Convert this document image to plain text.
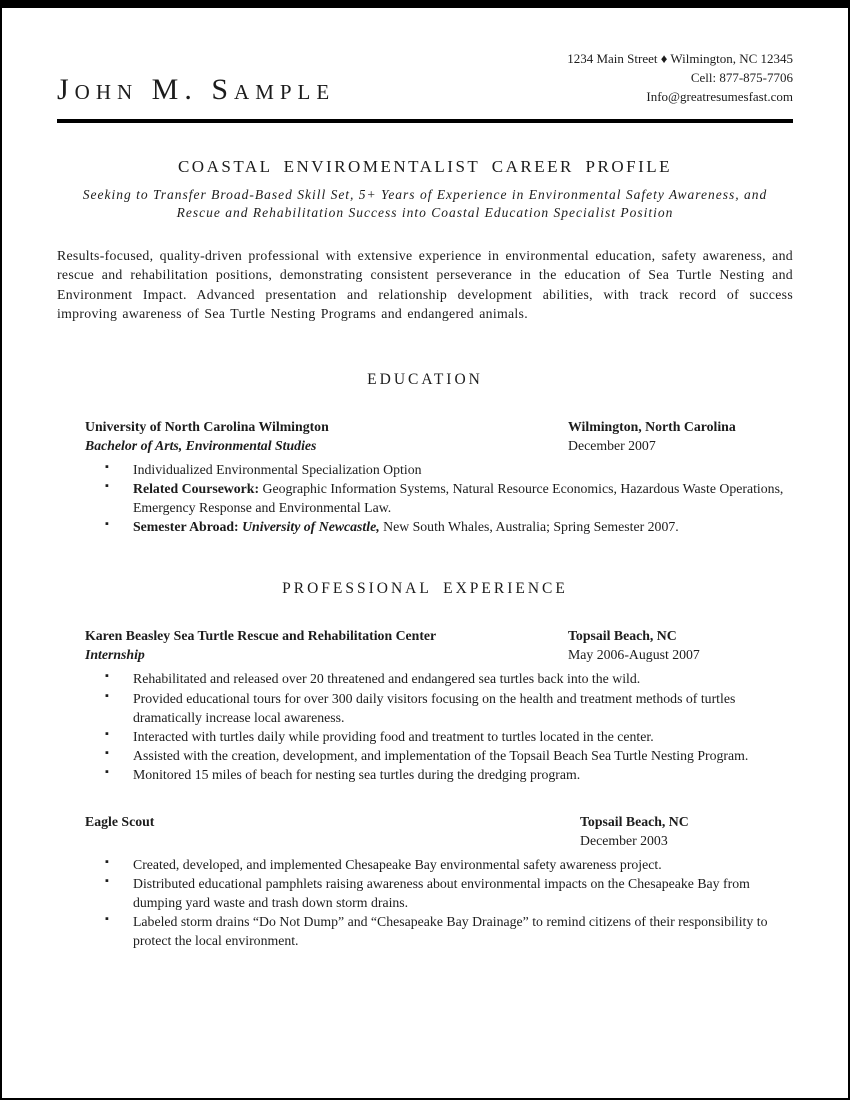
John M. Sample
1234 Main Street ♦ Wilmington, NC 12345
Cell: 877-875-7706
Info@greatresumesfast.com
COASTAL ENVIROMENTALIST CAREER PROFILE
Seeking to Transfer Broad-Based Skill Set, 5+ Years of Experience in Environmental Safety Awareness, and Rescue and Rehabilitation Success into Coastal Education Specialist Position
Results-focused, quality-driven professional with extensive experience in environmental education, safety awareness, and rescue and rehabilitation positions, demonstrating consistent perseverance in the education of Sea Turtle Nesting and Environment Impact. Advanced presentation and relationship development abilities, with track record of success improving awareness of Sea Turtle Nesting Programs and endangered animals.
EDUCATION
University of North Carolina Wilmington	Wilmington, North Carolina
Bachelor of Arts, Environmental Studies	December 2007
▪
Individualized Environmental Specialization Option
▪
Related Coursework: Geographic Information Systems, Natural Resource Economics, Hazardous Waste Operations, Emergency Response and Environmental Law.
▪
Semester Abroad: University of Newcastle, New South Whales, Australia; Spring Semester 2007.
PROFESSIONAL EXPERIENCE
Karen Beasley Sea Turtle Rescue and Rehabilitation Center	Topsail Beach, NC
Internship	May 2006-August 2007
▪
Rehabilitated and released over 20 threatened and endangered sea turtles back into the wild.
▪
Provided educational tours for over 300 daily visitors focusing on the health and treatment methods of turtles dramatically increase local awareness.
▪
Interacted with turtles daily while providing food and treatment to turtles located in the center.
▪
Assisted with the creation, development, and implementation of the Topsail Beach Sea Turtle Nesting Program.
▪
Monitored 15 miles of beach for nesting sea turtles during the dredging program.
Eagle Scout	Topsail Beach, NC
December 2003
▪
Created, developed, and implemented Chesapeake Bay environmental safety awareness project.
▪
Distributed educational pamphlets raising awareness about environmental impacts on the Chesapeake Bay from dumping yard waste and trash down storm drains.
▪
Labeled storm drains “Do Not Dump” and “Chesapeake Bay Drainage” to remind citizens of their responsibility to protect the local environment.
